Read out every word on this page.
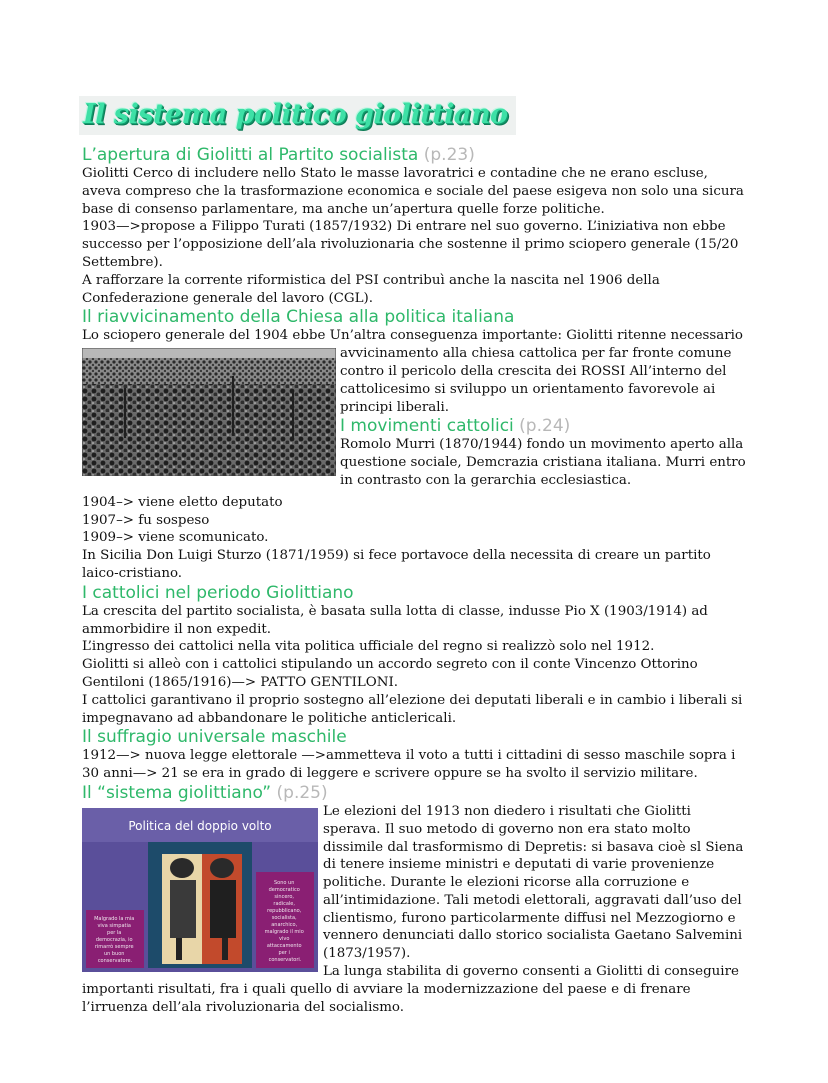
Il sistema politico giolittiano
L’apertura di Giolitti al Partito socialista (p.23)

Giolitti Cerco di includere nello Stato le masse lavoratrici e contadine che ne erano escluse, aveva compreso che la trasformazione economica e sociale del paese esigeva non solo una sicura base di consenso parlamentare, ma anche un’apertura quelle forze politiche.

1903—>propose a Filippo Turati (1857/1932) Di entrare nel suo governo. L’iniziativa non ebbe successo per l’opposizione dell’ala rivoluzionaria che sostenne il primo sciopero generale (15/20 Settembre).

A rafforzare la corrente riformistica del PSI contribuì anche la nascita nel 1906 della Confederazione generale del lavoro (CGL).

Il riavvicinamento della Chiesa alla politica italiana

Lo sciopero generale del 1904 ebbe Un’altra conseguenza importante: Giolitti ritenne necessario

avvicinamento alla chiesa cattolica per far fronte comune contro il pericolo della crescita dei ROSSI All’interno del cattolicesimo si sviluppo un orientamento favorevole ai principi liberali.

I movimenti cattolici (p.24)

Romolo Murri (1870/1944) fondo un movimento aperto alla questione sociale, Demcrazia cristiana italiana. Murri entro in contrasto con la gerarchia ecclesiastica.

1904–> viene eletto deputato

1907–> fu sospeso

1909–> viene scomunicato.

In Sicilia Don Luigi Sturzo (1871/1959) si fece portavoce della necessita di creare un partito laico-cristiano.

I cattolici nel periodo Giolittiano

La crescita del partito socialista, è basata sulla lotta di classe, indusse Pio X (1903/1914) ad ammorbidire il non expedit.

L’ingresso dei cattolici nella vita politica ufficiale del regno si realizzò solo nel 1912.

Giolitti si alleò con i cattolici stipulando un accordo segreto con il conte Vincenzo Ottorino Gentiloni (1865/1916)—> PATTO GENTILONI.

I cattolici garantivano il proprio sostegno all’elezione dei deputati liberali e in cambio i liberali si impegnavano ad abbandonare le politiche anticlericali.

Il suffragio universale maschile

1912—> nuova legge elettorale —>ammetteva il voto a tutti i cittadini di sesso maschile sopra i 30 anni—> 21 se era in grado di leggere e scrivere oppure se ha svolto il servizio militare.

Il “sistema giolittiano” (p.25)
Politica del doppio volto
Malgrado la mia viva simpatia per la democrazia, io rimarrò sempre un buon conservatore.
Sono un democratico sincero, radicale, repubblicano, socialista, anarchico, malgrado il mio vivo attaccamento per i conservatori.

Le elezioni del 1913 non diedero i risultati che Giolitti sperava. Il suo metodo di governo non era stato molto dissimile dal trasformismo di Depretis: si basava cioè sl Siena di tenere insieme ministri e deputati di varie provenienze politiche. Durante le elezioni ricorse alla corruzione e all’intimidazione. Tali metodi elettorali, aggravati dall’uso del clientismo, furono particolarmente diffusi nel Mezzogiorno e vennero denunciati dallo storico socialista Gaetano Salvemini (1873/1957).

La lunga stabilita di governo consenti a Giolitti di conseguire importanti risultati, fra i quali quello di avviare la modernizzazione del paese e di frenare l’irruenza dell’ala rivoluzionaria del socialismo.
